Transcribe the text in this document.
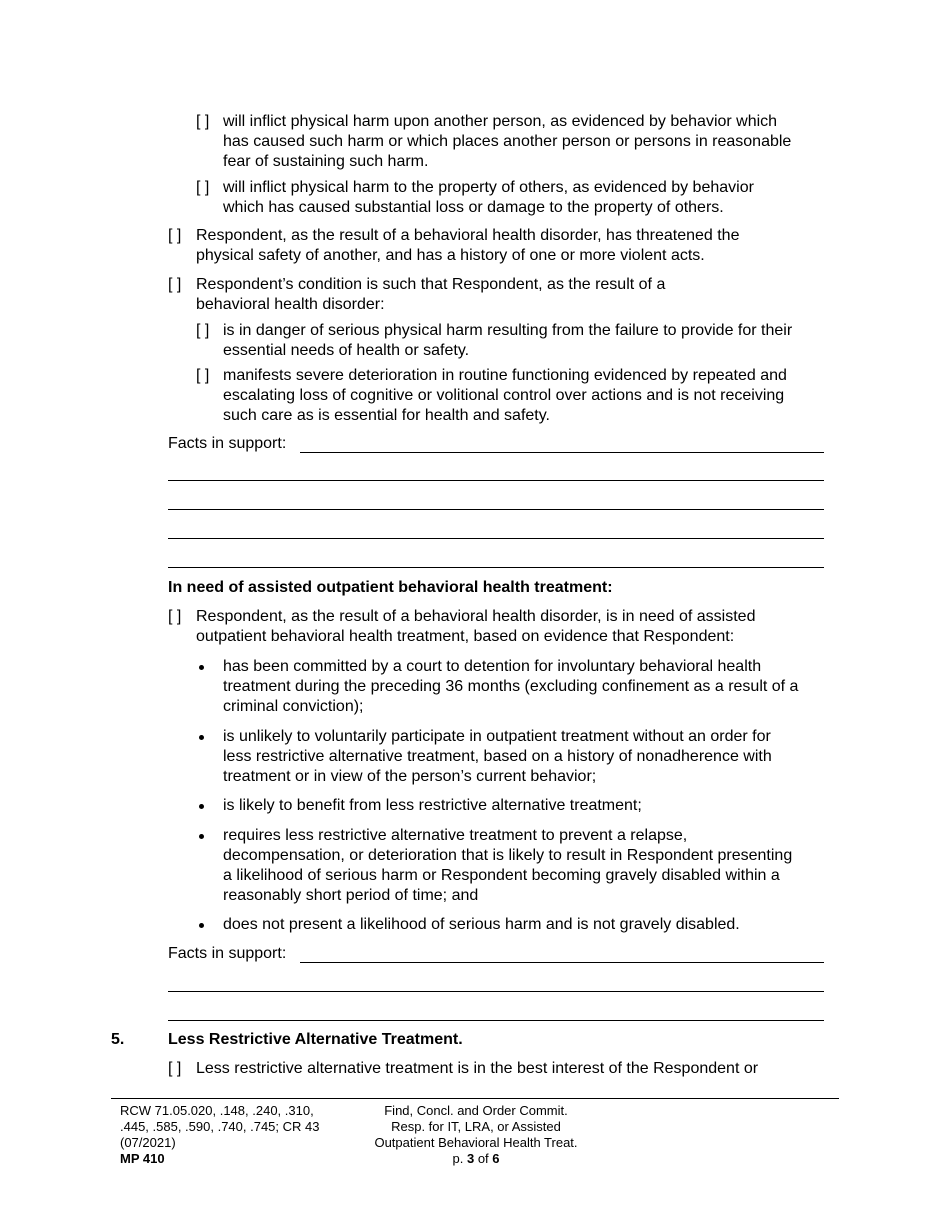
[ ] will inflict physical harm upon another person, as evidenced by behavior which
has caused such harm or which places another person or persons in reasonable
fear of sustaining such harm.
[ ] will inflict physical harm to the property of others, as evidenced by behavior
which has caused substantial loss or damage to the property of others.
[ ] Respondent, as the result of a behavioral health disorder, has threatened the
physical safety of another, and has a history of one or more violent acts.
[ ] Respondent’s condition is such that Respondent, as the result of a
behavioral health disorder:
[ ] is in danger of serious physical harm resulting from the failure to provide for their
essential needs of health or safety.
[ ] manifests severe deterioration in routine functioning evidenced by repeated and
escalating loss of cognitive or volitional control over actions and is not receiving
such care as is essential for health and safety.
Facts in support:
In need of assisted outpatient behavioral health treatment:
[ ] Respondent, as the result of a behavioral health disorder, is in need of assisted
outpatient behavioral health treatment, based on evidence that Respondent:
has been committed by a court to detention for involuntary behavioral health
treatment during the preceding 36 months (excluding confinement as a result of a
criminal conviction);
is unlikely to voluntarily participate in outpatient treatment without an order for
less restrictive alternative treatment, based on a history of nonadherence with
treatment or in view of the person’s current behavior;
is likely to benefit from less restrictive alternative treatment;
requires less restrictive alternative treatment to prevent a relapse,
decompensation, or deterioration that is likely to result in Respondent presenting
a likelihood of serious harm or Respondent becoming gravely disabled within a
reasonably short period of time; and
does not present a likelihood of serious harm and is not gravely disabled.
Facts in support:
5.	Less Restrictive Alternative Treatment.
[ ] Less restrictive alternative treatment is in the best interest of the Respondent or
RCW 71.05.020, .148, .240, .310,
.445, .585, .590, .740, .745; CR 43
(07/2021)
MP 410
Find, Concl. and Order Commit.
Resp. for IT, LRA, or Assisted
Outpatient Behavioral Health Treat.
p. 3 of 6
